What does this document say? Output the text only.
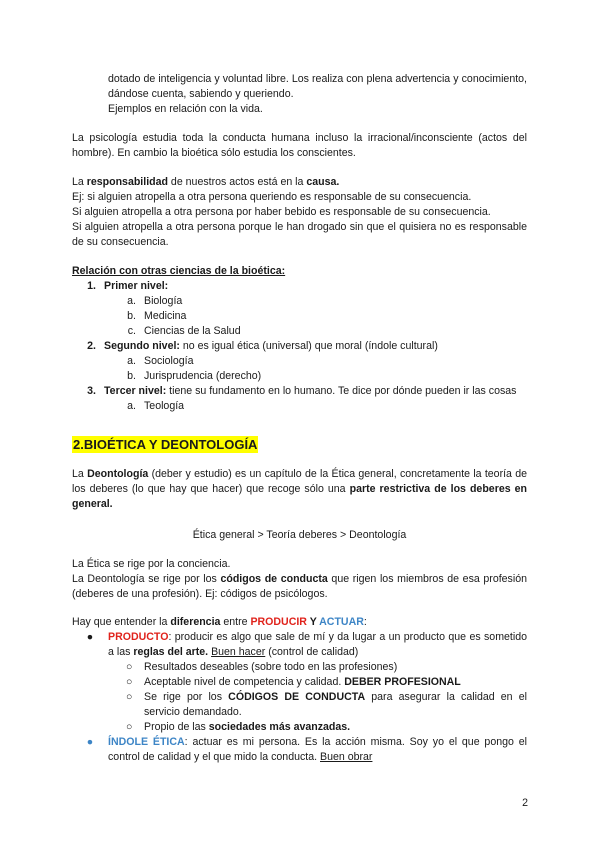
dotado de inteligencia y voluntad libre. Los realiza con plena advertencia y conocimiento, dándose cuenta, sabiendo y queriendo.

Ejemplos en relación con la vida.

La psicología estudia toda la conducta humana incluso la irracional/inconsciente (actos del hombre). En cambio la bioética sólo estudia los conscientes.

La responsabilidad de nuestros actos está en la causa.

Ej: si alguien atropella a otra persona queriendo es responsable de su consecuencia.

Si alguien atropella a otra persona por haber bebido es responsable de su consecuencia.

Si alguien atropella a otra persona porque le han drogado sin que el quisiera no es responsable de su consecuencia.

Relación con otras ciencias de la bioética:

1. Primer nivel:
a. Biología
b. Medicina
c. Ciencias de la Salud
2. Segundo nivel: no es igual ética (universal) que moral (índole cultural)
a. Sociología
b. Jurisprudencia (derecho)
3. Tercer nivel: tiene su fundamento en lo humano. Te dice por dónde pueden ir las cosas
a. Teología
2.BIOÉTICA Y DEONTOLOGÍA

La Deontología (deber y estudio) es un capítulo de la Ética general, concretamente la teoría de los deberes (lo que hay que hacer) que recoge sólo una parte restrictiva de los deberes en general.

Ética general > Teoría deberes > Deontología

La Ética se rige por la conciencia.

La Deontología se rige por los códigos de conducta que rigen los miembros de esa profesión (deberes de una profesión). Ej: códigos de psicólogos.

Hay que entender la diferencia entre PRODUCIR Y ACTUAR:

●	PRODUCTO: producir es algo que sale de mí y da lugar a un producto que es sometido a las reglas del arte. Buen hacer (control de calidad)
○	Resultados deseables (sobre todo en las profesiones)
○	Aceptable nivel de competencia y calidad. DEBER PROFESIONAL
○	Se rige por los CÓDIGOS DE CONDUCTA para asegurar la calidad en el servicio demandado.
○	Propio de las sociedades más avanzadas.
●	ÍNDOLE ÉTICA: actuar es mi persona. Es la acción misma. Soy yo el que pongo el control de calidad y el que mido la conducta. Buen obrar
2
